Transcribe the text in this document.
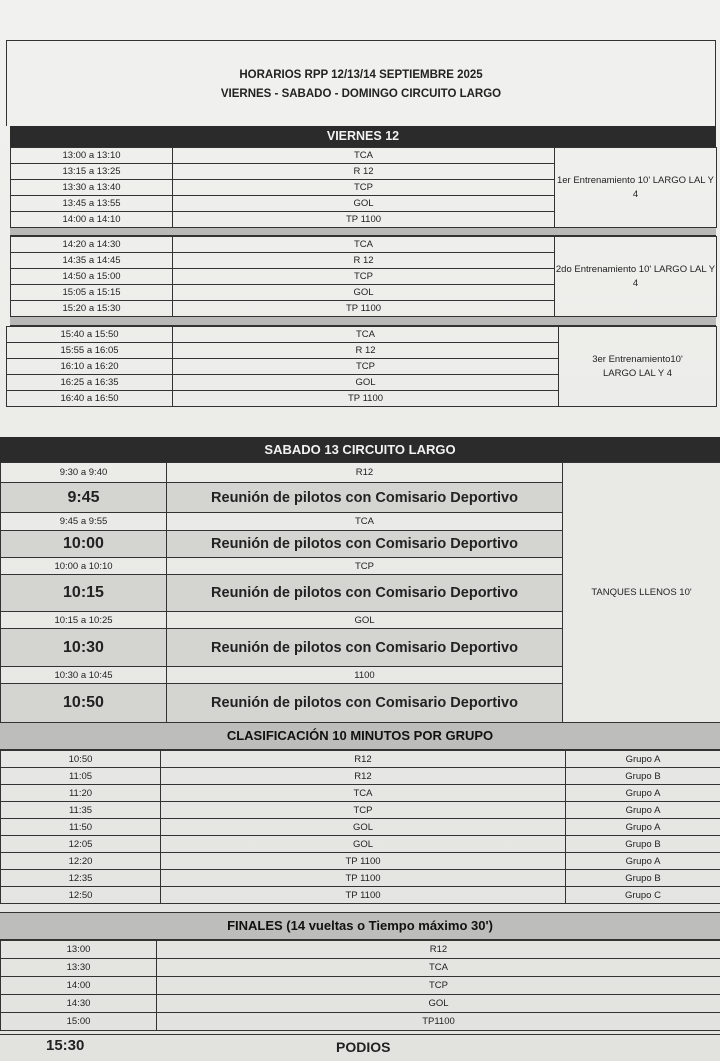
HORARIOS RPP 12/13/14 SEPTIEMBRE 2025
VIERNES - SABADO - DOMINGO CIRCUITO LARGO
VIERNES 12
13:00 a 13:10	TCA	1er Entrenamiento 10' LARGO LAL Y 4
13:15 a 13:25	R 12	
13:30 a 13:40	TCP	
13:45 a 13:55	GOL	
14:00 a 14:10	TP 1100	
14:20 a 14:30	TCA	2do Entrenamiento 10' LARGO LAL Y 4
14:35 a 14:45	R 12	
14:50 a 15:00	TCP	
15:05 a 15:15	GOL	
15:20 a 15:30	TP 1100	
15:40 a 15:50	TCA	3er Entrenamiento10' LARGO LAL Y 4
15:55 a 16:05	R 12	
16:10 a 16:20	TCP	
16:25 a 16:35	GOL	
16:40 a 16:50	TP 1100	
SABADO 13 CIRCUITO LARGO
9:30 a 9:40	R12	TANQUES LLENOS 10'
9:45	Reunión de pilotos con Comisario Deportivo	
9:45 a 9:55	TCA	
10:00	Reunión de pilotos con Comisario Deportivo	
10:00 a 10:10	TCP	
10:15	Reunión de pilotos con Comisario Deportivo	
10:15 a 10:25	GOL	
10:30	Reunión de pilotos con Comisario Deportivo	
10:30 a 10:45	1100	
10:50	Reunión de pilotos con Comisario Deportivo	
CLASIFICACIÓN 10 MINUTOS POR GRUPO
10:50	R12	Grupo A
11:05	R12	Grupo B
11:20	TCA	Grupo A
11:35	TCP	Grupo A
11:50	GOL	Grupo A
12:05	GOL	Grupo B
12:20	TP 1100	Grupo A
12:35	TP 1100	Grupo B
12:50	TP 1100	Grupo C
FINALES (14 vueltas o Tiempo máximo 30')
13:00	R12
13:30	TCA
14:00	TCP
14:30	GOL
15:00	TP1100
15:30	PODIOS
